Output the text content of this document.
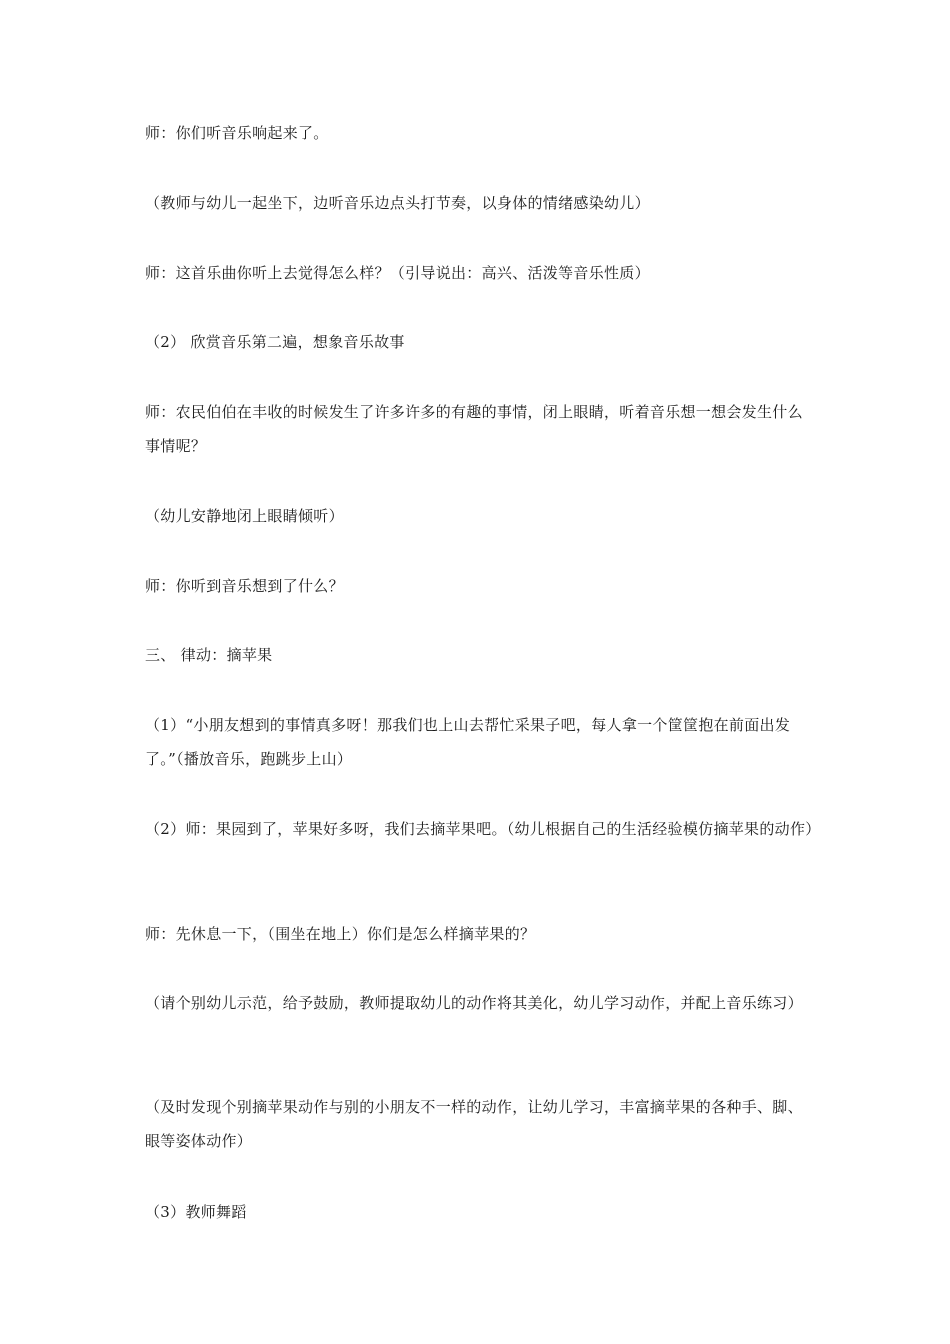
师：你们听音乐响起来了。

（教师与幼儿一起坐下，边听音乐边点头打节奏，以身体的情绪感染幼儿）

师：这首乐曲你听上去觉得怎么样？（引导说出：高兴、活泼等音乐性质）

（2） 欣赏音乐第二遍，想象音乐故事

师：农民伯伯在丰收的时候发生了许多许多的有趣的事情，闭上眼睛，听着音乐想一想会发生什么事情呢？

（幼儿安静地闭上眼睛倾听）

师：你听到音乐想到了什么？

三、 律动：摘苹果

（1）“小朋友想到的事情真多呀！那我们也上山去帮忙采果子吧，每人拿一个筐筐抱在前面出发了。”（播放音乐，跑跳步上山）

（2）师：果园到了，苹果好多呀，我们去摘苹果吧。（幼儿根据自己的生活经验模仿摘苹果的动作）

师：先休息一下，（围坐在地上）你们是怎么样摘苹果的？

（请个别幼儿示范，给予鼓励，教师提取幼儿的动作将其美化，幼儿学习动作，并配上音乐练习）

（及时发现个别摘苹果动作与别的小朋友不一样的动作，让幼儿学习，丰富摘苹果的各种手、脚、眼等姿体动作）

（3）教师舞蹈
